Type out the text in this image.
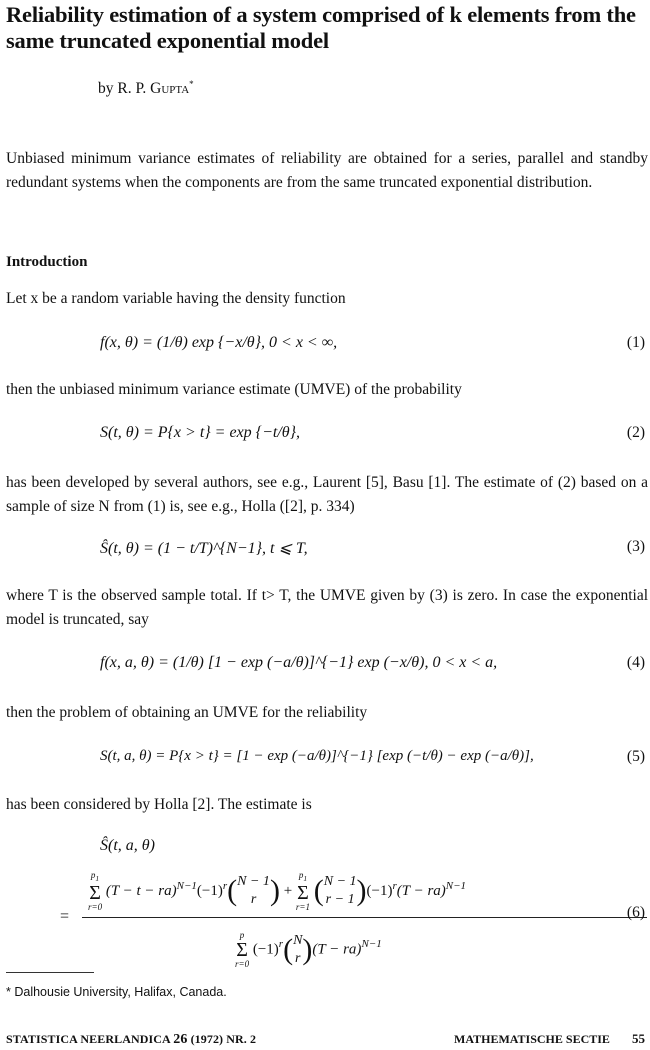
Reliability estimation of a system comprised of k elements from the same truncated exponential model
by R. P. Gupta*
Unbiased minimum variance estimates of reliability are obtained for a series, parallel and standby redundant systems when the components are from the same truncated exponential distribution.
Introduction
Let x be a random variable having the density function
f(x, θ) = (1/θ) exp {−x/θ}, 0 < x < ∞,	(1)
then the unbiased minimum variance estimate (UMVE) of the probability
S(t, θ) = P{x > t} = exp {−t/θ},	(2)
has been developed by several authors, see e.g., Laurent [5], Basu [1]. The estimate of (2) based on a sample of size N from (1) is, see e.g., Holla ([2], p. 334)
Ŝ(t, θ) = (1 − t/T)^{N−1}, t ⩽ T,	(3)
where T is the observed sample total. If t> T, the UMVE given by (3) is zero. In case the exponential model is truncated, say
f(x, a, θ) = (1/θ) [1 − exp (−a/θ)]^{−1} exp (−x/θ), 0 < x < a,	(4)
then the problem of obtaining an UMVE for the reliability
S(t, a, θ) = P{x > t} = [1 − exp (−a/θ)]^{−1} [exp (−t/θ) − exp (−a/θ)],	(5)
has been considered by Holla [2]. The estimate is
Ŝ(t, a, θ)
=
$p_1$
Σ
r=0
$(T - t - ra)^{N-1}(-1)^r(N - 1$
r ) +
$p_1$
Σ
r=1 (N − 1
$r - 1)(-1)^r(T - ra)^{N-1}$
p
Σ
r=0
$(-1)^r(N$
r)(T − ra)$^{N-1}$
(6)
* Dalhousie University, Halifax, Canada.
STATISTICA NEERLANDICA 26 (1972) NR. 2	MATHEMATISCHE SECTIE 55
